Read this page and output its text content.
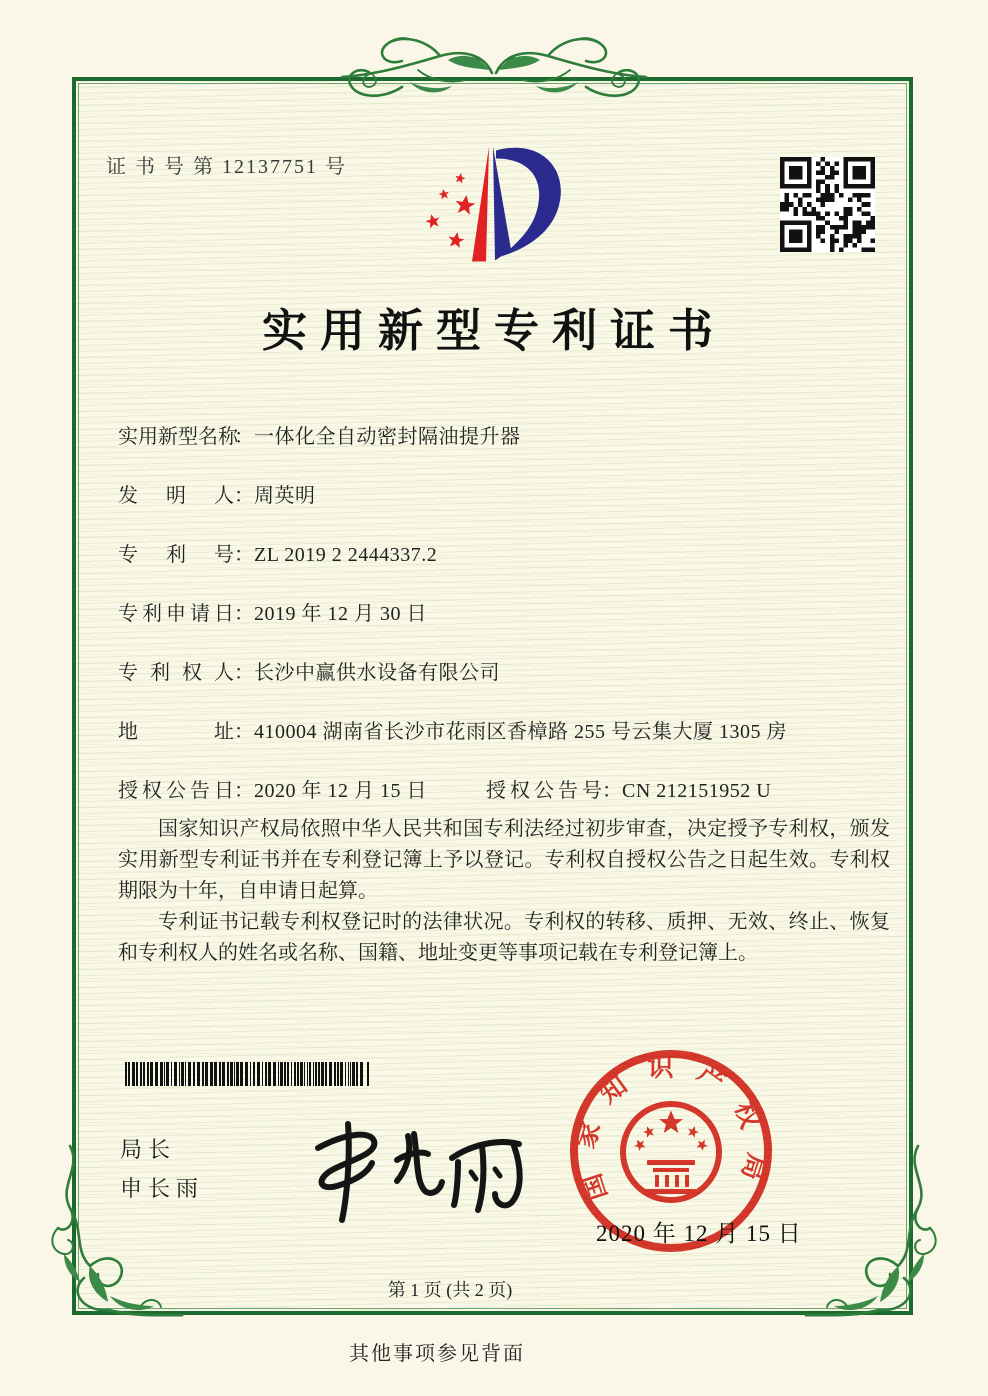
证 书 号 第 12137751 号
实用新型专利证书
实用新型名称：一体化全自动密封隔油提升器
发明人：周英明
专利号：ZL 2019 2 2444337.2
专利申请日：2019 年 12 月 30 日
专利权人：长沙中赢供水设备有限公司
地址：410004 湖南省长沙市花雨区香樟路 255 号云集大厦 1305 房
授权公告日：2020 年 12 月 15 日	授权公告号：CN 212151952 U

国家知识产权局依照中华人民共和国专利法经过初步审查，决定授予专利权，颁发实用新型专利证书并在专利登记簿上予以登记。专利权自授权公告之日起生效。专利权期限为十年，自申请日起算。

专利证书记载专利权登记时的法律状况。专利权的转移、质押、无效、终止、恢复和专利权人的姓名或名称、国籍、地址变更等事项记载在专利登记簿上。

局长
申长雨	国家知识产权局
2020 年 12 月 15 日
第 1 页 (共 2 页)
其他事项参见背面
